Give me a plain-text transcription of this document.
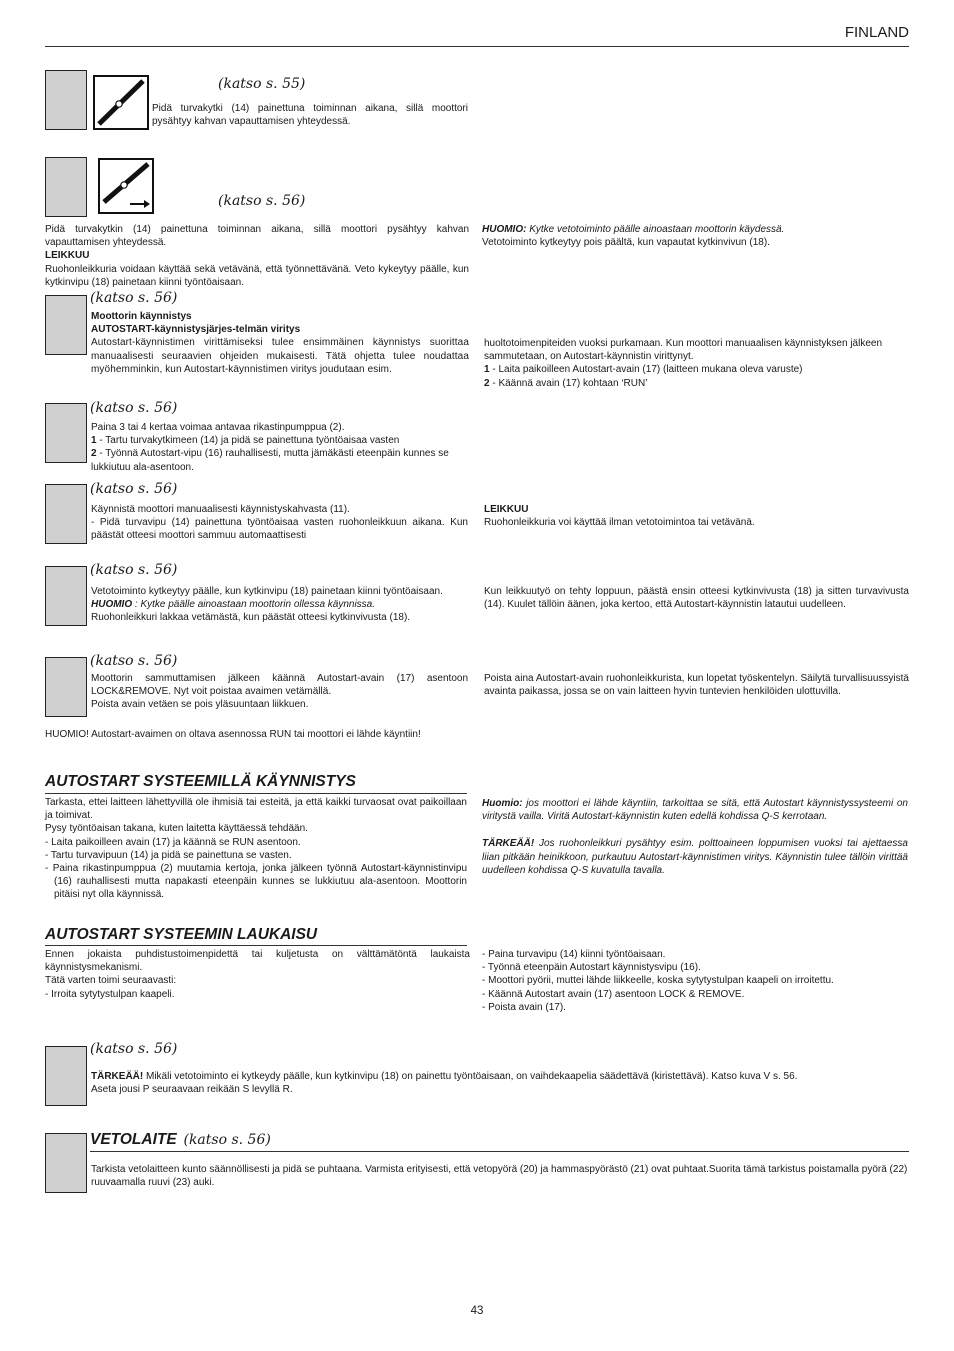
FINLAND
(katso s. 55)
Pidä turvakytki (14) painettuna toiminnan aikana, sillä moottori pysähtyy kahvan vapauttamisen yhteydessä.
(katso s. 56)

Pidä turvakytkin (14) painettuna toiminnan aikana, sillä moottori pysähtyy kahvan vapauttamisen yhteydessä.

LEIKKUU

Ruohonleikkuria voidaan käyttää sekä vetävänä, että työnnettävänä. Veto kykeytyy päälle, kun kytkinvipu (18) painetaan kiinni työntöaisaan.

HUOMIO: Kytke vetotoiminto päälle ainoastaan moottorin käydessä.

Vetotoiminto kytkeytyy pois päältä, kun vapautat kytkinvivun (18).

(katso s. 56)

Moottorin käynnistys

AUTOSTART-käynnistysjärjes-telmän viritys

Autostart-käynnistimen virittämiseksi tulee ensimmäinen käynnistys suorittaa manuaalisesti seuraavien ohjeiden mukaisesti. Tätä ohjetta tulee noudattaa myöhemminkin, kun Autostart-käynnistimen viritys joudutaan esim.

huoltotoimenpiteiden vuoksi purkamaan. Kun moottori manuaalisen käynnistyksen jälkeen sammutetaan, on Autostart-käynnistin virittynyt.

1 - Laita paikoilleen Autostart-avain (17) (laitteen mukana oleva varuste)

2 - Käännä avain (17) kohtaan ‘RUN’

(katso s. 56)

Paina 3 tai 4 kertaa voimaa antavaa rikastinpumppua (2).

1 - Tartu turvakytkimeen (14) ja pidä se painettuna työntöaisaa vasten

2 - Työnnä Autostart-vipu (16) rauhallisesti, mutta jämäkästi eteenpäin kunnes se lukkiutuu ala-asentoon.

(katso s. 56)
Käynnistä moottori manuaalisesti käynnistyskahvasta (11).
- Pidä turvavipu (14) painettuna työntöaisaa vasten ruohonleikkuun aikana. Kun päästät otteesi moottori sammuu automaattisesti

LEIKKUU

Ruohonleikkuria voi käyttää ilman vetotoimintoa tai vetävänä.

(katso s. 56)

Vetotoiminto kytkeytyy päälle, kun kytkinvipu (18) painetaan kiinni työntöaisaan.

HUOMIO : Kytke päälle ainoastaan moottorin ollessa käynnissa.

Ruohonleikkuri lakkaa vetämästä, kun päästät otteesi kytkinvivusta (18).

Kun leikkuutyö on tehty loppuun, päästä ensin otteesi kytkinvivusta (18) ja sitten turvavivusta (14). Kuulet tällöin äänen, joka kertoo, että Autostart-käynnistin latautui uudelleen.
(katso s. 56)

Moottorin sammuttamisen jälkeen käännä Autostart-avain (17) asentoon LOCK&REMOVE. Nyt voit poistaa avaimen vetämällä.

Poista avain vetäen se pois yläsuuntaan liikkuen.

Poista aina Autostart-avain ruohonleikkurista, kun lopetat työskentelyn. Säilytä turvallisuussyistä avainta paikassa, jossa se on vain laitteen hyvin tuntevien henkilöiden ulottuvilla.
HUOMIO! Autostart-avaimen on oltava asennossa RUN tai moottori ei lähde käyntiin!
AUTOSTART SYSTEEMILLÄ KÄYNNISTYS

Tarkasta, ettei laitteen lähettyvillä ole ihmisiä tai esteitä, ja että kaikki turvaosat ovat paikoillaan ja toimivat.

Pysy työntöaisan takana, kuten laitetta käyttäessä tehdään.

- Laita paikoilleen avain (17) ja käännä se RUN asentoon.

- Tartu turvavipuun (14) ja pidä se painettuna se vasten.

- Paina rikastinpumppua (2) muutamia kertoja, jonka jälkeen työnnä Autostart-käynnistinvipu (16) rauhallisesti mutta napakasti eteenpäin kunnes se lukkiutuu ala-asentoon. Moottorin pitäisi nyt olla käynnissä.

Huomio: jos moottori ei lähde käyntiin, tarkoittaa se sitä, että Autostart käynnistyssysteemi on viritystä vailla. Viritä Autostart-käynnistin kuten edellä kohdissa Q-S kerrotaan.

TÄRKEÄÄ! Jos ruohonleikkuri pysähtyy esim. polttoaineen loppumisen vuoksi tai ajettaessa liian pitkään heinikkoon, purkautuu Autostart-käynnistimen viritys. Käynnistin tulee tällöin virittää uudelleen kohdissa Q-S kuvatulla tavalla.

AUTOSTART SYSTEEMIN LAUKAISU

Ennen jokaista puhdistustoimenpidettä tai kuljetusta on välttämätöntä laukaista käynnistysmekanismi.

Tätä varten toimi seuraavasti:

- Irroita sytytystulpan kaapeli.

- Paina turvavipu (14) kiinni työntöaisaan.

- Työnnä eteenpäin Autostart käynnistysvipu (16).

- Moottori pyörii, muttei lähde liikkeelle, koska sytytystulpan kaapeli on irroitettu.

- Käännä Autostart avain (17) asentoon LOCK & REMOVE.

- Poista avain (17).

(katso s. 56)

TÄRKEÄÄ! Mikäli vetotoiminto ei kytkeydy päälle, kun kytkinvipu (18) on painettu työntöaisaan, on vaihdekaapelia säädettävä (kiristettävä). Katso kuva V s. 56.

Aseta jousi P seuraavaan reikään S levyllä R.

VETOLAITE (katso s. 56)
Tarkista vetolaitteen kunto säännöllisesti ja pidä se puhtaana. Varmista erityisesti, että vetopyörä (20) ja hammaspyörästö (21) ovat puhtaat.Suorita tämä tarkistus poistamalla pyörä (22) ruuvaamalla ruuvi (23) auki.
43
